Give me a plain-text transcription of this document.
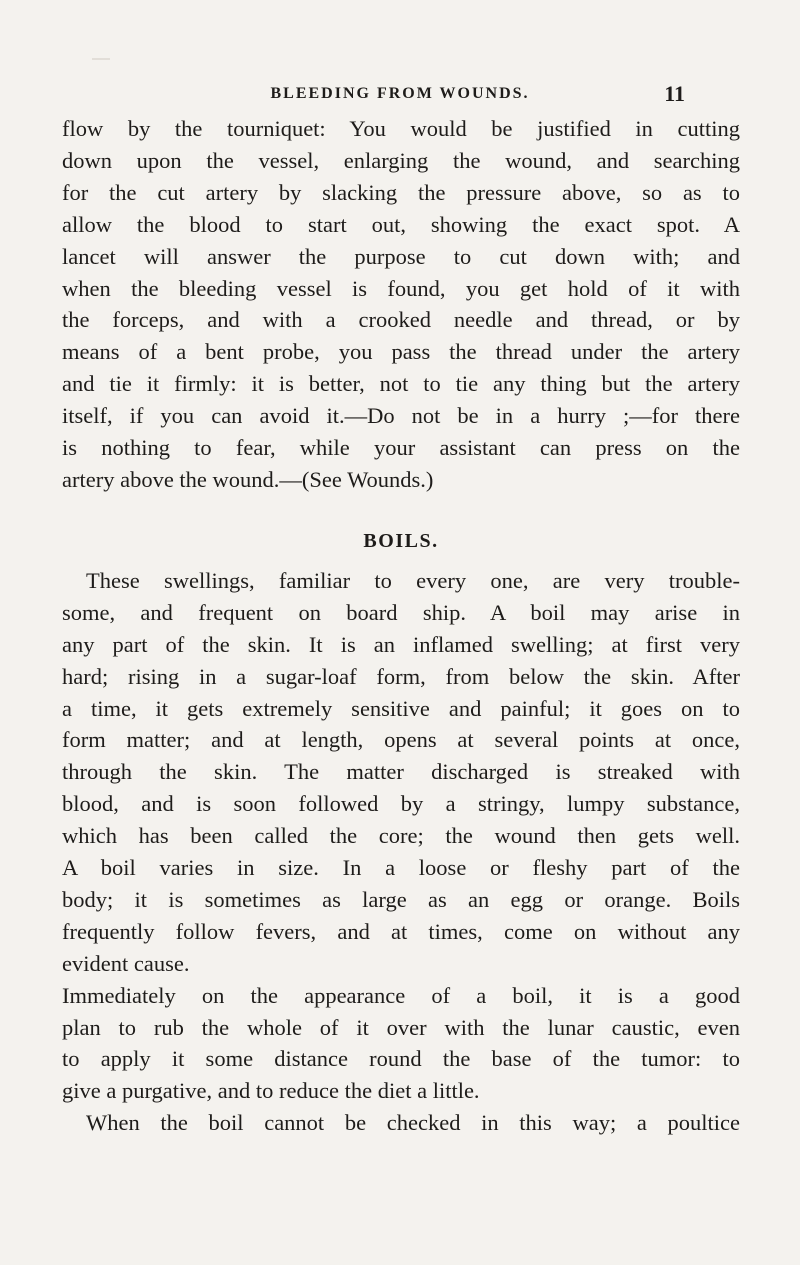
BLEEDING FROM WOUNDS.	11
flow by the tourniquet: You would be justified in cutting
down upon the vessel, enlarging the wound, and searching
for the cut artery by slacking the pressure above, so as to
allow the blood to start out, showing the exact spot. A
lancet will answer the purpose to cut down with; and
when the bleeding vessel is found, you get hold of it with
the forceps, and with a crooked needle and thread, or by
means of a bent probe, you pass the thread under the artery
and tie it firmly: it is better, not to tie any thing but the artery
itself, if you can avoid it.—Do not be in a hurry ;—for there
is nothing to fear, while your assistant can press on the
artery above the wound.—(See Wounds.)
BOILS.
These swellings, familiar to every one, are very trouble-
some, and frequent on board ship. A boil may arise in
any part of the skin. It is an inflamed swelling; at first very
hard; rising in a sugar-loaf form, from below the skin. After
a time, it gets extremely sensitive and painful; it goes on to
form matter; and at length, opens at several points at once,
through the skin. The matter discharged is streaked with
blood, and is soon followed by a stringy, lumpy substance,
which has been called the core; the wound then gets well.
A boil varies in size. In a loose or fleshy part of the
body; it is sometimes as large as an egg or orange. Boils
frequently follow fevers, and at times, come on without any
evident cause.
Immediately on the appearance of a boil, it is a good
plan to rub the whole of it over with the lunar caustic, even
to apply it some distance round the base of the tumor: to
give a purgative, and to reduce the diet a little.
When the boil cannot be checked in this way; a poultice
